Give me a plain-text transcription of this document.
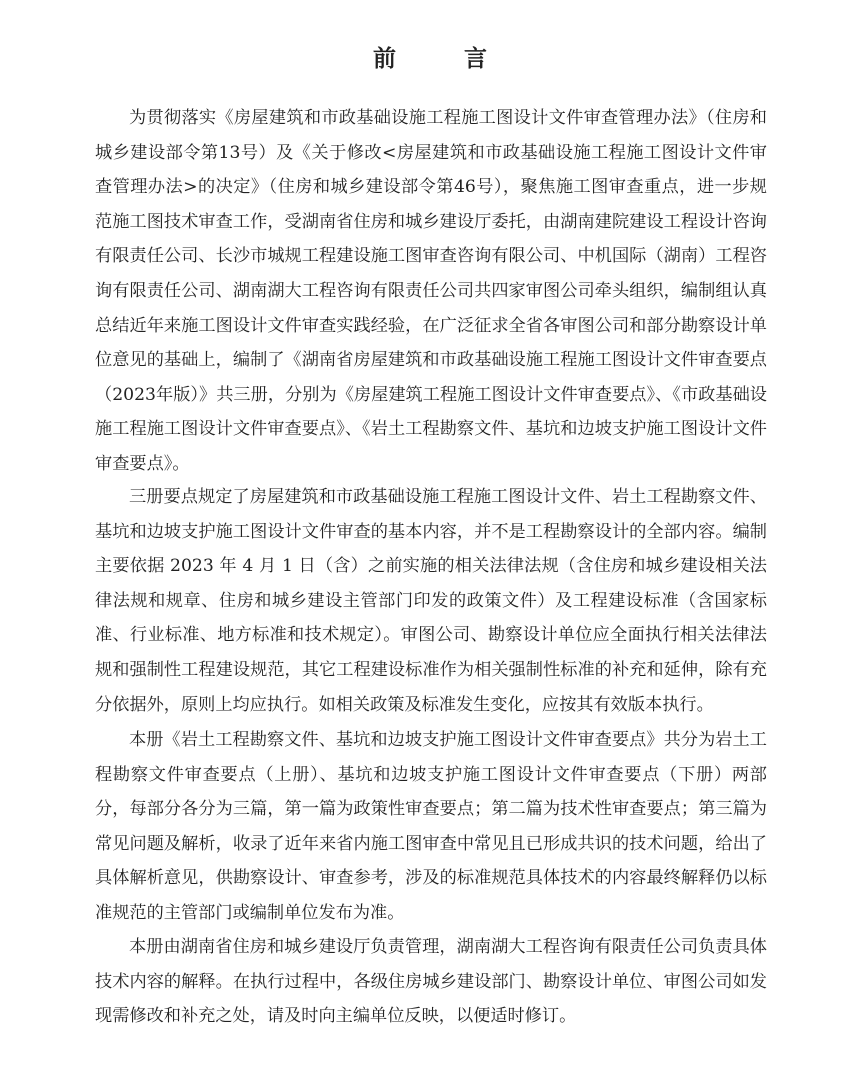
前 言

为贯彻落实《房屋建筑和市政基础设施工程施工图设计文件审查管理办法》（住房和城乡建设部令第13号）及《关于修改<房屋建筑和市政基础设施工程施工图设计文件审查管理办法>的决定》（住房和城乡建设部令第46号），聚焦施工图审查重点，进一步规范施工图技术审查工作，受湖南省住房和城乡建设厅委托，由湖南建院建设工程设计咨询有限责任公司、长沙市城规工程建设施工图审查咨询有限公司、中机国际（湖南）工程咨询有限责任公司、湖南湖大工程咨询有限责任公司共四家审图公司牵头组织，编制组认真总结近年来施工图设计文件审查实践经验，在广泛征求全省各审图公司和部分勘察设计单位意见的基础上，编制了《湖南省房屋建筑和市政基础设施工程施工图设计文件审查要点（2023年版）》共三册，分别为《房屋建筑工程施工图设计文件审查要点》、《市政基础设施工程施工图设计文件审查要点》、《岩土工程勘察文件、基坑和边坡支护施工图设计文件审查要点》。

三册要点规定了房屋建筑和市政基础设施工程施工图设计文件、岩土工程勘察文件、基坑和边坡支护施工图设计文件审查的基本内容，并不是工程勘察设计的全部内容。编制主要依据 2023 年 4 月 1 日（含）之前实施的相关法律法规（含住房和城乡建设相关法律法规和规章、住房和城乡建设主管部门印发的政策文件）及工程建设标准（含国家标准、行业标准、地方标准和技术规定）。审图公司、勘察设计单位应全面执行相关法律法规和强制性工程建设规范，其它工程建设标准作为相关强制性标准的补充和延伸，除有充分依据外，原则上均应执行。如相关政策及标准发生变化，应按其有效版本执行。

本册《岩土工程勘察文件、基坑和边坡支护施工图设计文件审查要点》共分为岩土工程勘察文件审查要点（上册）、基坑和边坡支护施工图设计文件审查要点（下册）两部分，每部分各分为三篇，第一篇为政策性审查要点；第二篇为技术性审查要点；第三篇为常见问题及解析，收录了近年来省内施工图审查中常见且已形成共识的技术问题，给出了具体解析意见，供勘察设计、审查参考，涉及的标准规范具体技术的内容最终解释仍以标准规范的主管部门或编制单位发布为准。

本册由湖南省住房和城乡建设厅负责管理，湖南湖大工程咨询有限责任公司负责具体技术内容的解释。在执行过程中，各级住房城乡建设部门、勘察设计单位、审图公司如发现需修改和补充之处，请及时向主编单位反映，以便适时修订。
